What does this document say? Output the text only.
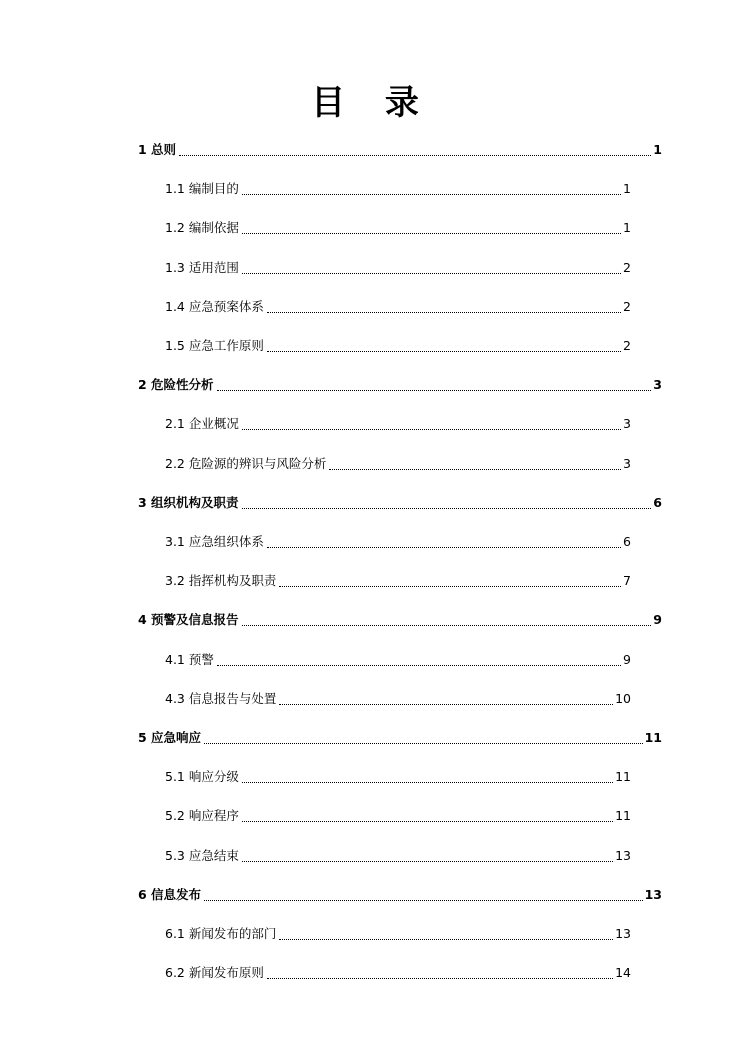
目 录
1 总则	1
1.1 编制目的	1
1.2 编制依据	1
1.3 适用范围	2
1.4 应急预案体系	2
1.5 应急工作原则	2
2 危险性分析	3
2.1 企业概况	3
2.2 危险源的辨识与风险分析	3
3 组织机构及职责	6
3.1 应急组织体系	6
3.2 指挥机构及职责	7
4 预警及信息报告	9
4.1 预警	9
4.3 信息报告与处置	10
5 应急响应	11
5.1 响应分级	11
5.2 响应程序	11
5.3 应急结束	13
6 信息发布	13
6.1 新闻发布的部门	13
6.2 新闻发布原则	14
